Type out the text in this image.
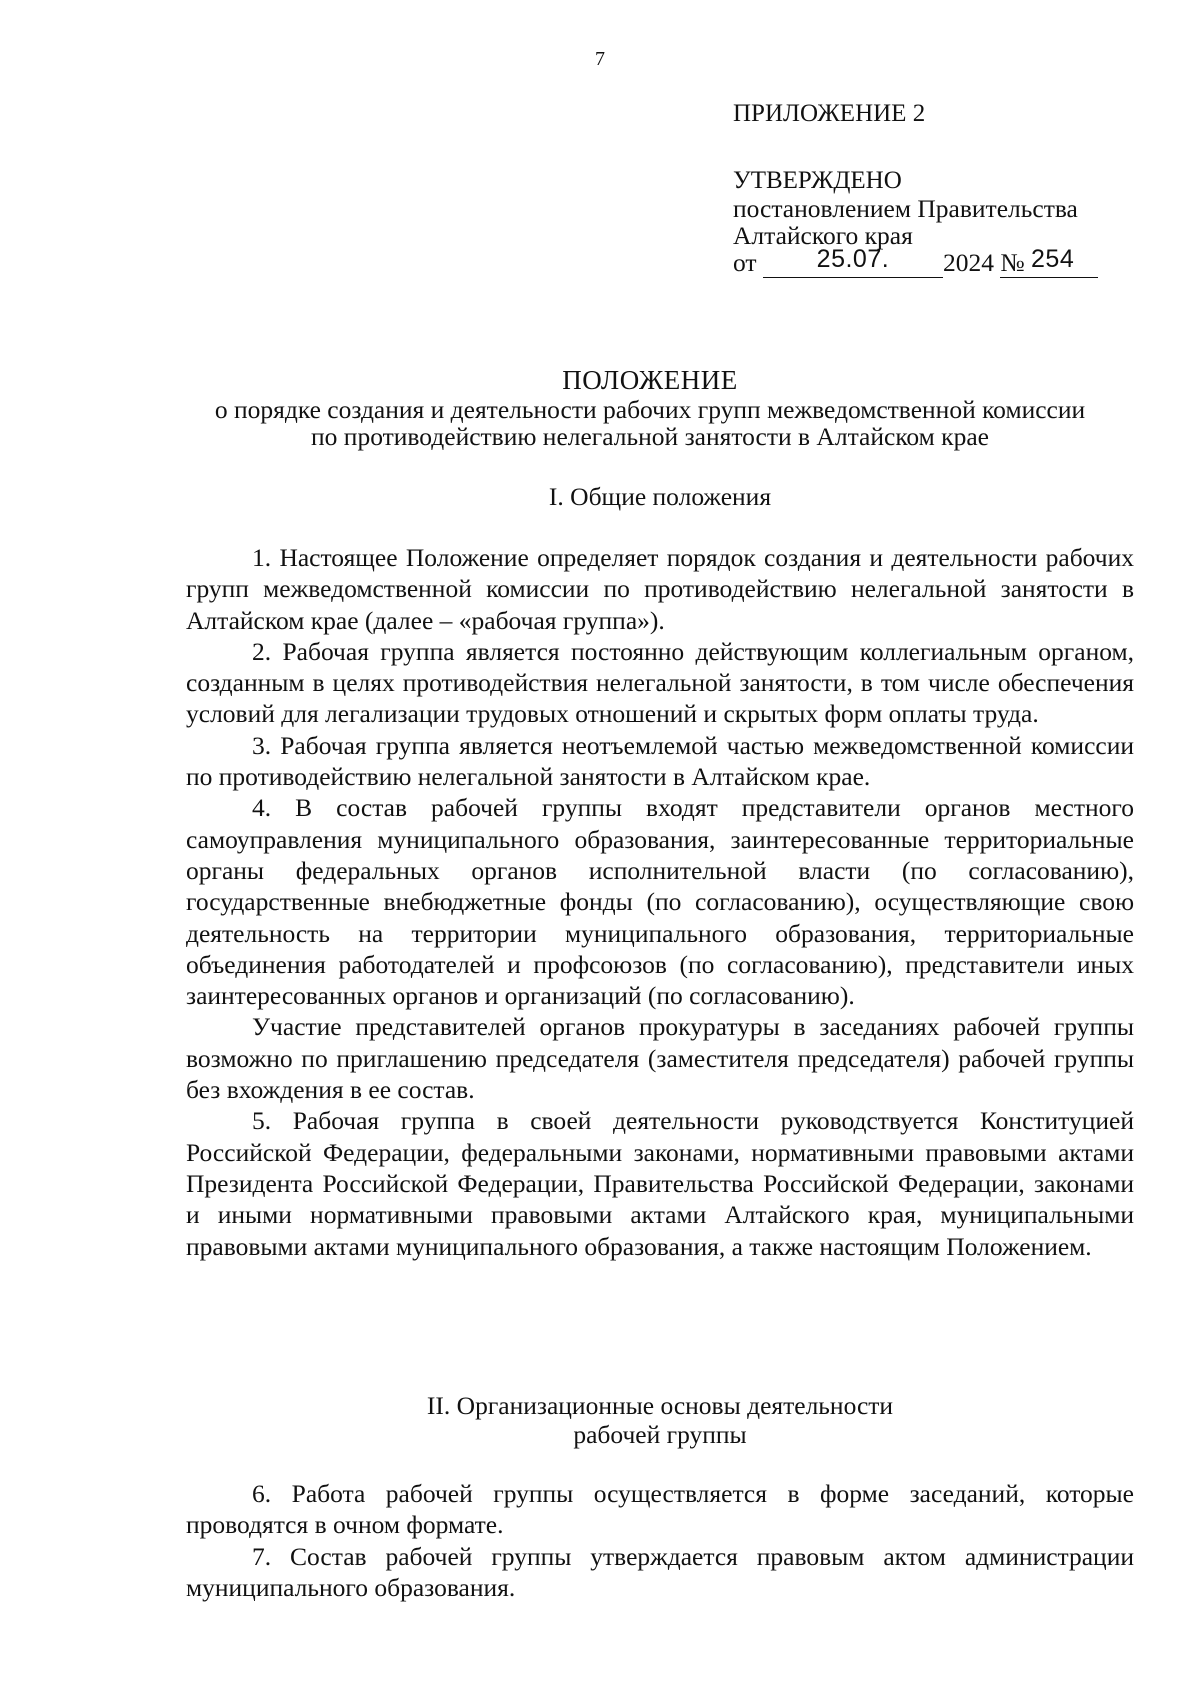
7
ПРИЛОЖЕНИЕ 2
УТВЕРЖДЕНО
постановлением Правительства
Алтайского края
от 25.07. 2024 № 254
ПОЛОЖЕНИЕ
о порядке создания и деятельности рабочих групп межведомственной комиссии
по противодействию нелегальной занятости в Алтайском крае
I. Общие положения

1. Настоящее Положение определяет порядок создания и деятельности рабочих групп межведомственной комиссии по противодействию нелегальной занятости в Алтайском крае (далее – «рабочая группа»).

2. Рабочая группа является постоянно действующим коллегиальным органом, созданным в целях противодействия нелегальной занятости, в том числе обеспечения условий для легализации трудовых отношений и скрытых форм оплаты труда.

3. Рабочая группа является неотъемлемой частью межведомственной комиссии по противодействию нелегальной занятости в Алтайском крае.

4. В состав рабочей группы входят представители органов местного самоуправления муниципального образования, заинтересованные территориальные органы федеральных органов исполнительной власти (по согласованию), государственные внебюджетные фонды (по согласованию), осуществляющие свою деятельность на территории муниципального образования, территориальные объединения работодателей и профсоюзов (по согласованию), представители иных заинтересованных органов и организаций (по согласованию).

Участие представителей органов прокуратуры в заседаниях рабочей группы возможно по приглашению председателя (заместителя председателя) рабочей группы без вхождения в ее состав.

5. Рабочая группа в своей деятельности руководствуется Конституцией Российской Федерации, федеральными законами, нормативными правовыми актами Президента Российской Федерации, Правительства Российской Федерации, законами и иными нормативными правовыми актами Алтайского края, муниципальными правовыми актами муниципального образования, а также настоящим Положением.

II. Организационные основы деятельности
рабочей группы

6. Работа рабочей группы осуществляется в форме заседаний, которые проводятся в очном формате.

7. Состав рабочей группы утверждается правовым актом администрации муниципального образования.
